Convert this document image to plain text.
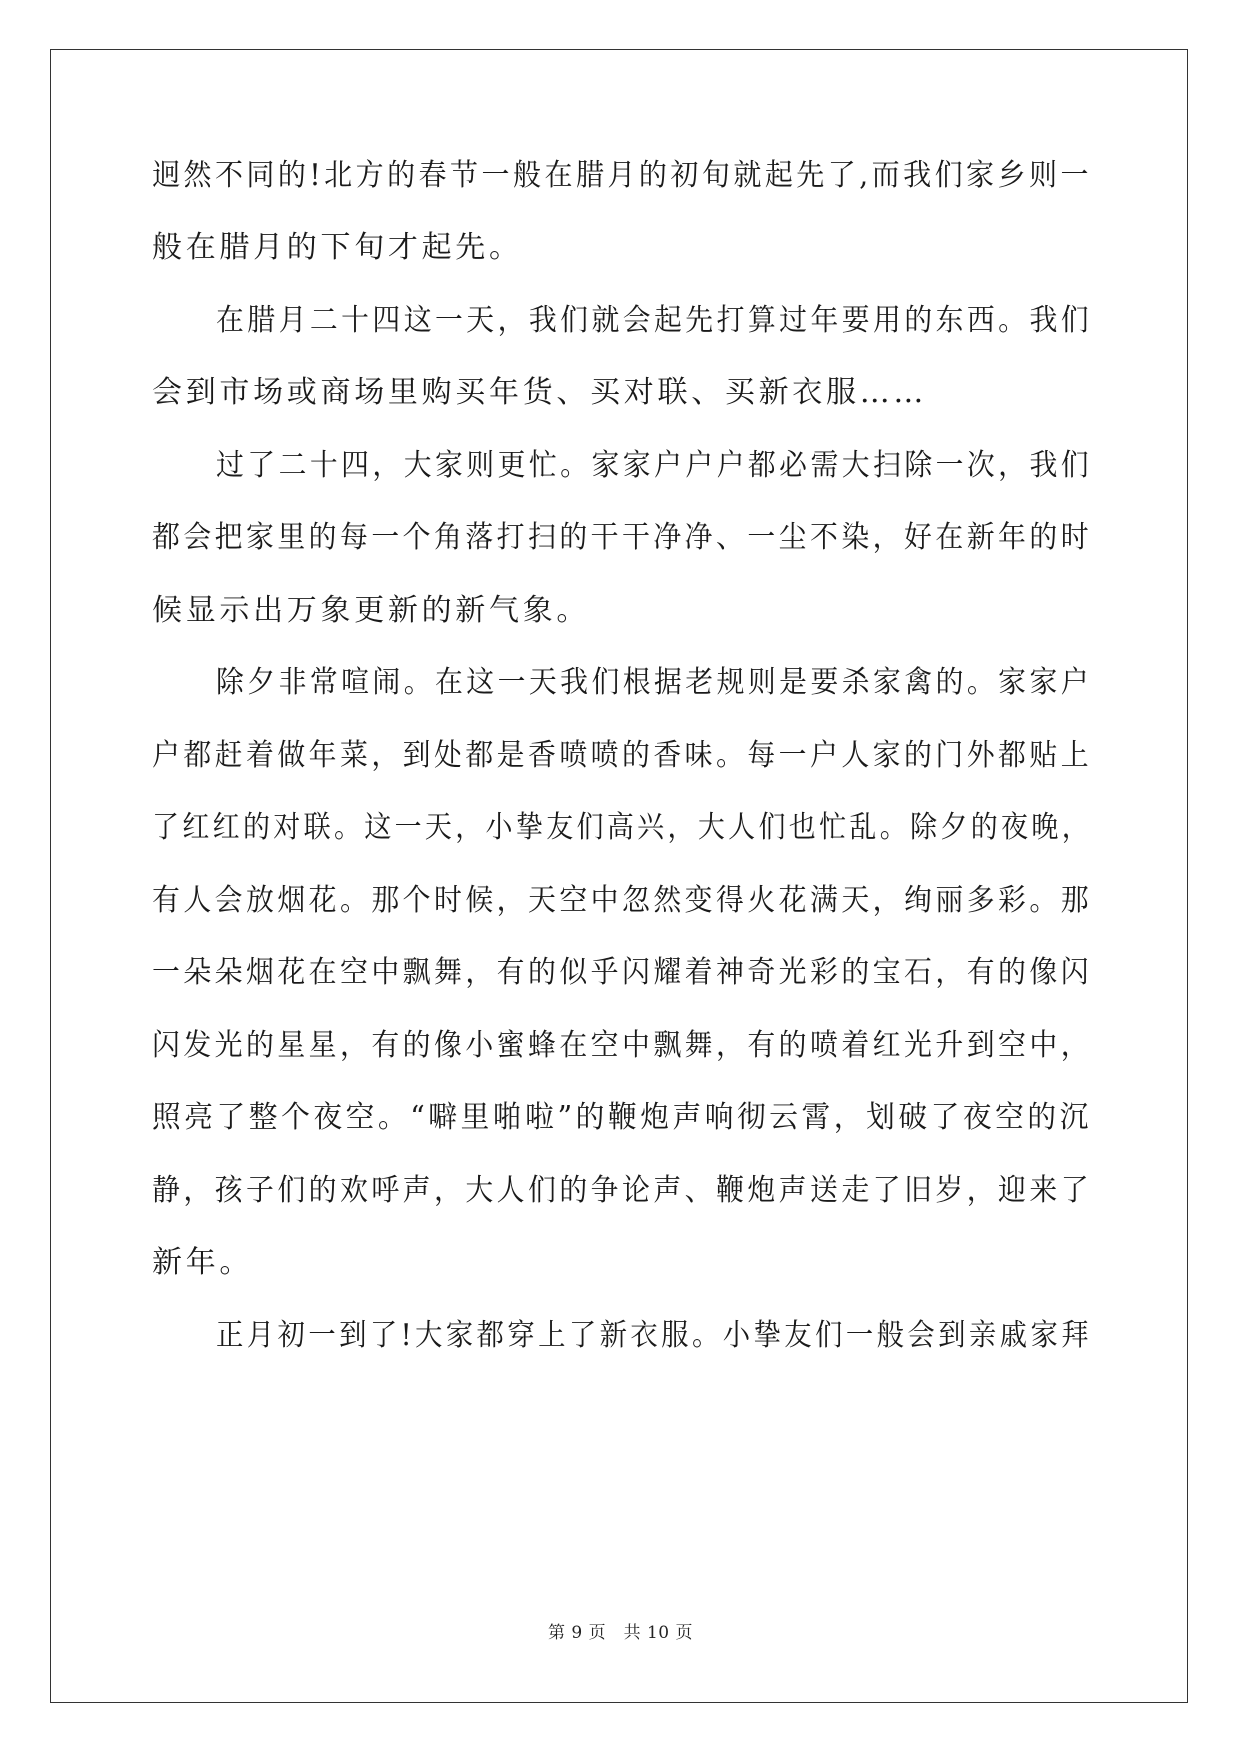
迥然不同的!北方的春节一般在腊月的初旬就起先了,而我们家乡则一
般在腊月的下旬才起先。
在腊月二十四这一天，我们就会起先打算过年要用的东西。我们
会到市场或商场里购买年货、买对联、买新衣服……
过了二十四，大家则更忙。家家户户户都必需大扫除一次，我们
都会把家里的每一个角落打扫的干干净净、一尘不染，好在新年的时
候显示出万象更新的新气象。
除夕非常喧闹。在这一天我们根据老规则是要杀家禽的。家家户
户都赶着做年菜，到处都是香喷喷的香味。每一户人家的门外都贴上
了红红的对联。这一天，小挚友们高兴，大人们也忙乱。除夕的夜晚，
有人会放烟花。那个时候，天空中忽然变得火花满天，绚丽多彩。那
一朵朵烟花在空中飘舞，有的似乎闪耀着神奇光彩的宝石，有的像闪
闪发光的星星，有的像小蜜蜂在空中飘舞，有的喷着红光升到空中，
照亮了整个夜空。“噼里啪啦”的鞭炮声响彻云霄，划破了夜空的沉
静，孩子们的欢呼声，大人们的争论声、鞭炮声送走了旧岁，迎来了
新年。
正月初一到了!大家都穿上了新衣服。小挚友们一般会到亲戚家拜
第 9 页　共 10 页
